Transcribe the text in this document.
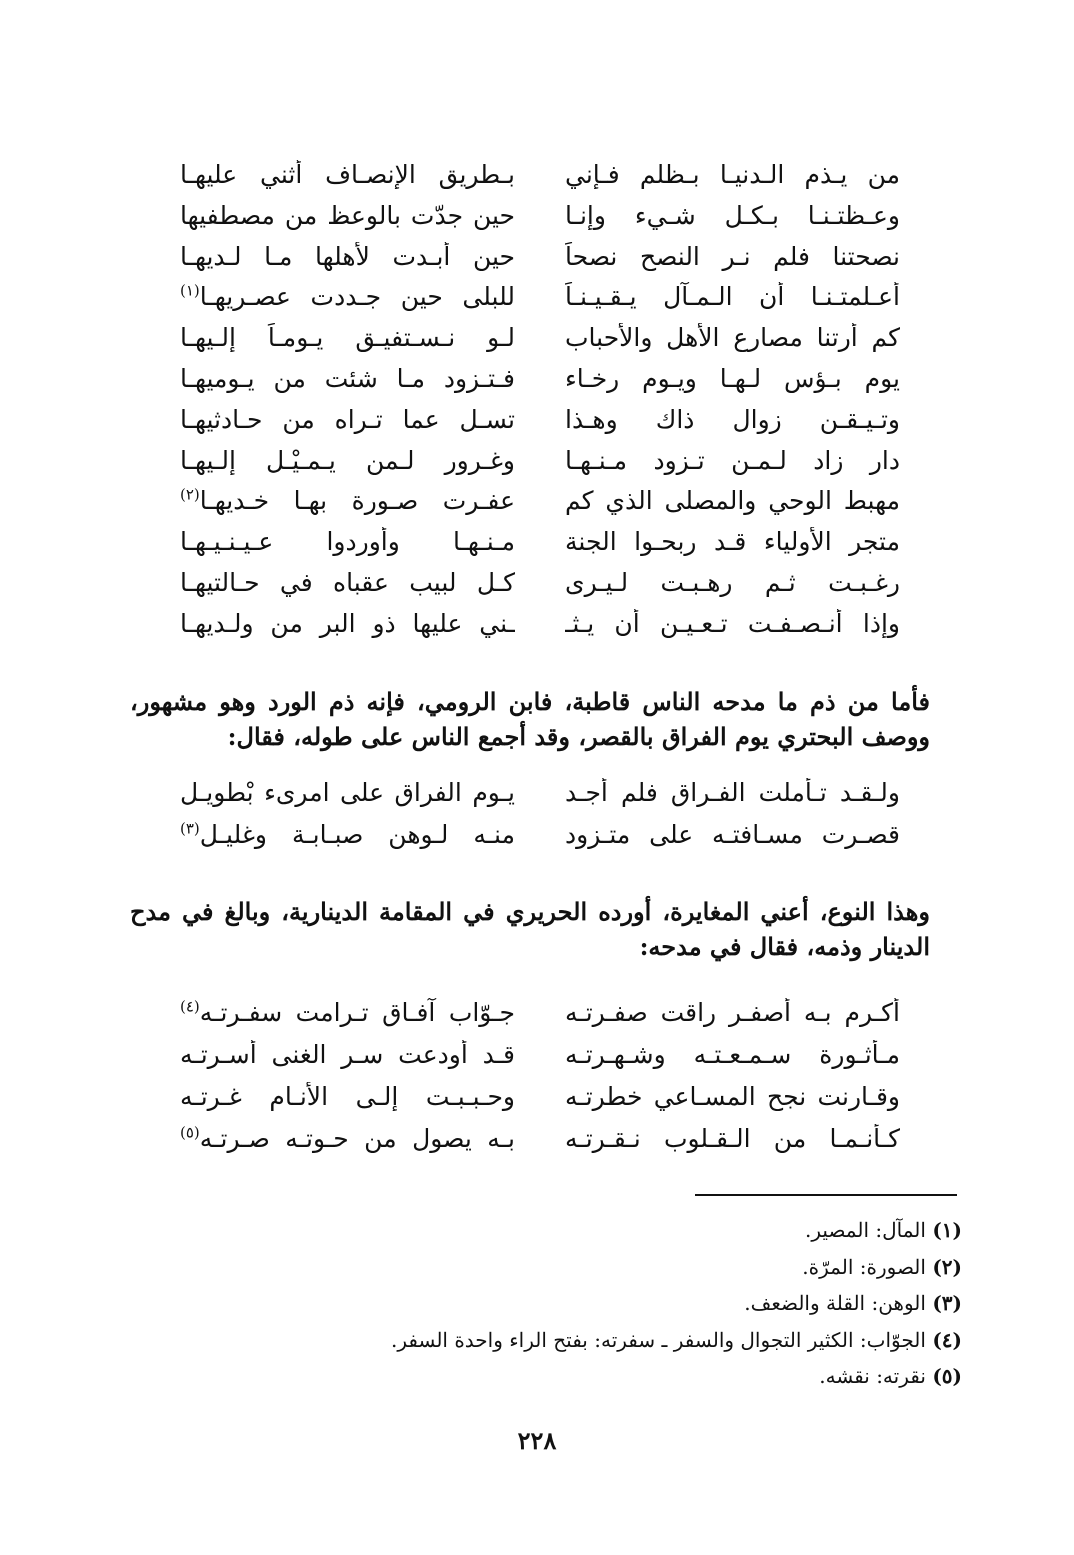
من يـذم الـدنيـا بـظلم فـإني
بـطريق الإنصـاف أثني عليهـا
وعـظتـنـا بـكـل شـيء وإنـا
حين جدّت بالوعظ من مصطفيها
نصحتنا فلم نـر النصح نصحاً
حين أبـدت لأهلها مـا لـديهـا
أعـلمتـنـا أن الـمـآل يـقـيـنـاً
للبلى حين جـددت عصـريهـا$^{(١)}$
كم أرتنا مصارع الأهل والأحباب
لـو نـسـتفيـق يـومـاً إلـيهـا
يوم بـؤس لـهـا ويـوم رخـاء
فـتـزود مـا شئت من يـوميهـا
وتـيـقـن زوال ذاك وهـذا
تسـل عما تـراه من حـادثيهـا
دار زاد لـمـن تـزود مـنـهـا
وغـرور لـمن يـمـيْـل إلـيهـا
مهبط الوحي والمصلى الذي كم
عفـرت صـورة بهـا خـديهـا$^{(٢)}$
متجر الأولياء قـد ربحـوا الجنة
مـنـهـا وأوردوا عـيـنـيـهـا
رغـبـت ثـم رهـبـت لـيـرى
كـل لبيب عقباه في حـالتيهـا
وإذا أنـصـفـت تـعـيـن أن يـثـ
ـني عليها ذو البر من ولـديهـا

فأما من ذم ما مدحه الناس قاطبة، فابن الرومي، فإنه ذم الورد وهو مشهور، ووصف البحتري يوم الفراق بالقصر، وقد أجمع الناس على طوله، فقال:

ولـقـد تـأملت الفـراق فلم أجـد
يـوم الفراق على امرىء بْطويـل
قصـرت مسـافتـه على متـزود
منـه لـوهن صبـابـة وغليـل$^{(٣)}$

وهذا النوع، أعني المغايرة، أورده الحريري في المقامة الدينارية، وبالغ في مدح الدينار وذمه، فقال في مدحه:

أكـرم بـه أصفـر راقت صفـرتـه
جـوّاب آفـاق تـرامت سفـرتـه$^{(٤)}$
مـأثـورة سـمـعـتـه وشـهـرتـه
قـد أودعت سـر الغنى أسـرتـه
وقـارنت نجح المسـاعي خطرتـه
وحـبـبـت إلـى الأنـام غـرتـه
كـأنـمـا من الـقـلوب نـقـرتـه
بـه يصول من حـوتـه صـرتـه$^{(٥)}$
(١) المآل: المصير.
(٢) الصورة: المرّة.
(٣) الوهن: القلة والضعف.
(٤) الجوّاب: الكثير التجوال والسفر ـ سفرته: بفتح الراء واحدة السفر.
(٥) نقرته: نقشه.
٢٢٨
